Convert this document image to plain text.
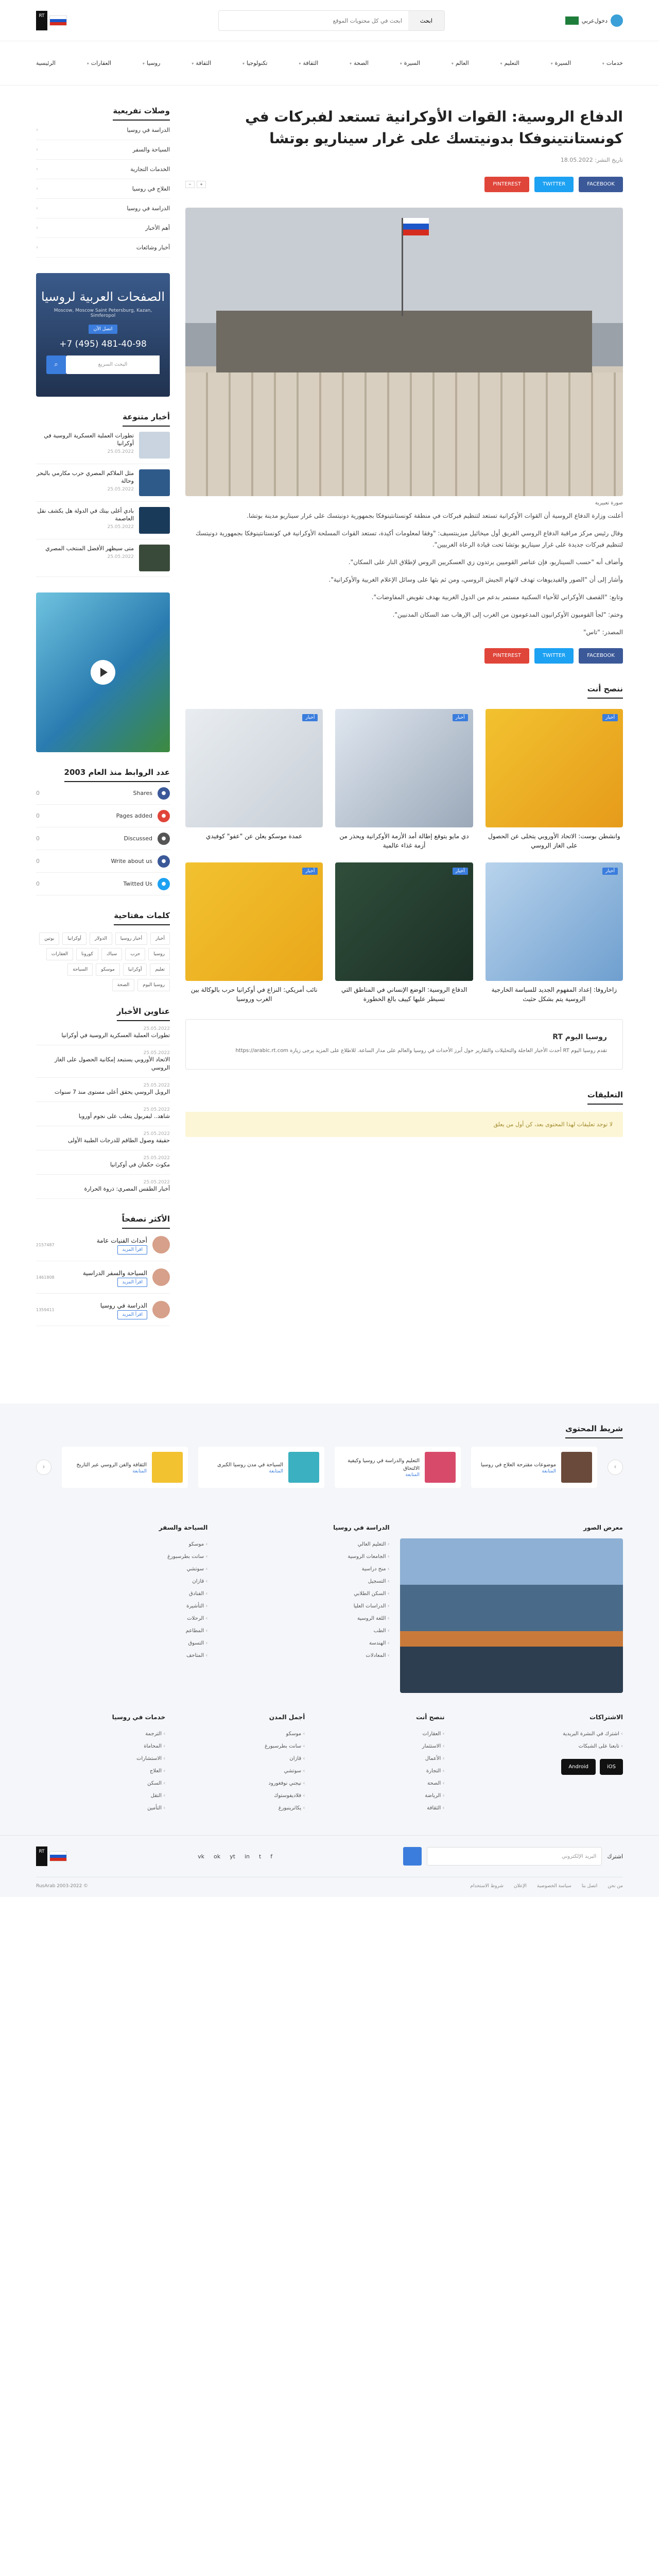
دخول
عربي
ابحث
ابحث في كل محتويات الموقع
RT
خدمات▾
السيرة▾
التعليم▾
العالم▾
السيرة▾
الصحة▾
الثقافة▾
تكنولوجيا▾
الثقافة▾
روسيا▾
العقارات▾
الرئيسية
الدفاع الروسية: القوات الأوكرانية تستعد لفبركات في كونستانتينوفكا بدونيتسك على غرار سيناريو بوتشا
تاريخ النشر: 18.05.2022
FACEBOOK
TWITTER
PINTEREST
+
−
صورة تعبيرية

أعلنت وزارة الدفاع الروسية أن القوات الأوكرانية تستعد لتنظيم فبركات في منطقة كونستانتينوفكا بجمهورية دونيتسك على غرار سيناريو مدينة بوتشا.

وقال رئيس مركز مراقبة الدفاع الروسي الفريق أول ميخائيل ميزينتسيف: "وفقا لمعلومات أكيدة، تستعد القوات المسلحة الأوكرانية في كونستانتينوفكا بجمهورية دونيتسك لتنظيم فبركات جديدة على غرار سيناريو بوتشا تحت قيادة الرعاة الغربيين".

وأضاف أنه "حسب السيناريو، فإن عناصر القوميين يرتدون زي العسكريين الروس لإطلاق النار على السكان".

وأشار إلى أن "الصور والفيديوهات تهدف لاتهام الجيش الروسي، ومن ثم بثها على وسائل الإعلام الغربية والأوكرانية".

وتابع: "القصف الأوكراني للأحياء السكنية مستمر بدعم من الدول الغربية بهدف تقويض المفاوضات".

وختم: "لجأ القوميون الأوكرانيون المدعومون من الغرب إلى الإرهاب ضد السكان المدنيين".

المصدر: "تاس"

FACEBOOK
TWITTER
PINTEREST
ننصح أنت
أخبار
وانشطن بوست: الاتحاد الأوروبي يتخلى عن الحصول على الغاز الروسي
أخبار
دي مايو يتوقع إطالة أمد الأزمة الأوكرانية ويحذر من أزمة غذاء عالمية
أخبار
عمدة موسكو يعلن عن "عفو" كوفيدي
أخبار
زاخاروفا: إعداد المفهوم الجديد للسياسة الخارجية الروسية يتم بشكل حثيث
أخبار
الدفاع الروسية: الوضع الإنساني في المناطق التي تسيطر عليها كييف بالغ الخطورة
أخبار
نائب أمريكي: النزاع في أوكرانيا حرب بالوكالة بين الغرب وروسيا
روسيا اليوم RT

تقدم روسيا اليوم RT أحدث الأخبار العاجلة والتحليلات والتقارير حول أبرز الأحداث في روسيا والعالم على مدار الساعة. للاطلاع على المزيد يرجى زيارة https://arabic.rt.com

التعليقات
لا توجد تعليقات لهذا المحتوى بعد، كن أول من يعلق
وصلات تفريعية
الدراسة في روسيا
‹
السياحة والسفر
‹
الخدمات التجارية
‹
العلاج في روسيا
‹
الدراسة في روسيا
‹
أهم الأخبار
‹
أخبار وشائعات
‹
الصفحات العربية لروسيا

Moscow, Moscow Saint Petersburg, Kazan, Simferopol

اتصل الآن
+7 (495) 481-40-98
البحث السريع
⌕
أخبار متنوعة
تطورات العملية العسكرية الروسية في أوكرانيا
25.05.2022
مثل الملاكم المصري حرب مكارمي بالبحر وحالة
25.05.2022
بادي أغلى بيتك في الدولة هل يكشف نقل العاصمة
25.05.2022
متى سيظهر الأفضل المنتخب المصري
25.05.2022
عدد الروابط منذ العام 2003
●
Shares
0
●
Pages added
0
●
Discussed
0
●
Write about us
0
●
Twitted Us
0
كلمات مفتاحية
أخبار
أخبار روسيا
الدولار
أوكرانيا
بوتين
روسيا
حرب
سباك
كورونا
العقارات
تعليم
أوكرانيا
موسكو
السياحة
روسيا اليوم
الصحة
عناوين الأخبار
25.05.2022
تطورات العملية العسكرية الروسية في أوكرانيا
25.05.2022
الاتحاد الأوروبي يستبعد إمكانية الحصول على الغاز الروسي
25.05.2022
الروبل الروسي يحقق أعلى مستوى منذ 7 سنوات
25.05.2022
شاهد.. ليفربول يتغلب على نجوم أوروبا
25.05.2022
حقيقة وصول الطاقم للدرجات الطبية الأولى
25.05.2022
مكوث حكمان في أوكرانيا
25.05.2022
أخبار الطقس المصري: ذروة الحرارة
الأكثر تصفحاً
أحداث الفنيات عامة
اقرأ المزيد
2157487
السياحة والسفر الدراسية
اقرأ المزيد
1461808
الدراسة في روسيا
اقرأ المزيد
1359411
شريط المحتوى
›
موضوعات مقترحة العلاج في روسيا
المتابعة
التعليم والدراسة في روسيا وكيفية الالتحاق
المتابعة
السياحة في مدن روسيا الكبرى
المتابعة
الثقافة والفن الروسي عبر التاريخ
المتابعة
‹
معرض الصور
الدراسة في روسيا
› التعليم العالي
› الجامعات الروسية
› منح دراسية
› التسجيل
› السكن الطلابي
› الدراسات العليا
› اللغة الروسية
› الطب
› الهندسة
› المعادلات
السياحة والسفر
› موسكو
› سانت بطرسبورغ
› سوتشي
› قازان
› الفنادق
› التأشيرة
› الرحلات
› المطاعم
› التسوق
› المتاحف
الاشتراكات
› اشترك في النشرة البريدية
› تابعنا على الشبكات
iOS
Android
ننصح أنت
› العقارات
› الاستثمار
› الأعمال
› التجارة
› الصحة
› الرياضة
› الثقافة
أجمل المدن
› موسكو
› سانت بطرسبورغ
› قازان
› سوتشي
› نيجني نوفغورود
› فلاديفوستوك
› يكاترينبورغ
خدمات في روسيا
› الترجمة
› المحاماة
› الاستشارات
› العلاج
› السكن
› النقل
› التأمين
اشترك
البريد الإلكتروني
f
t
in
yt
ok
vk
RT
من نحن
اتصل بنا
سياسة الخصوصية
الإعلان
شروط الاستخدام
© 2003-2022 RusArab
